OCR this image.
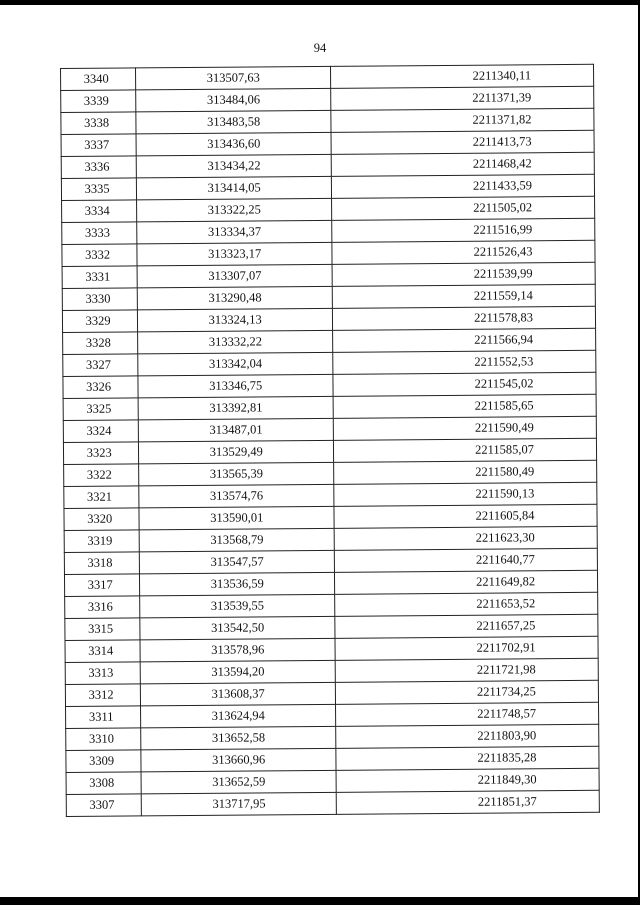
94
3340	313507,63	2211340,11
3339	313484,06	2211371,39
3338	313483,58	2211371,82
3337	313436,60	2211413,73
3336	313434,22	2211468,42
3335	313414,05	2211433,59
3334	313322,25	2211505,02
3333	313334,37	2211516,99
3332	313323,17	2211526,43
3331	313307,07	2211539,99
3330	313290,48	2211559,14
3329	313324,13	2211578,83
3328	313332,22	2211566,94
3327	313342,04	2211552,53
3326	313346,75	2211545,02
3325	313392,81	2211585,65
3324	313487,01	2211590,49
3323	313529,49	2211585,07
3322	313565,39	2211580,49
3321	313574,76	2211590,13
3320	313590,01	2211605,84
3319	313568,79	2211623,30
3318	313547,57	2211640,77
3317	313536,59	2211649,82
3316	313539,55	2211653,52
3315	313542,50	2211657,25
3314	313578,96	2211702,91
3313	313594,20	2211721,98
3312	313608,37	2211734,25
3311	313624,94	2211748,57
3310	313652,58	2211803,90
3309	313660,96	2211835,28
3308	313652,59	2211849,30
3307	313717,95	2211851,37
